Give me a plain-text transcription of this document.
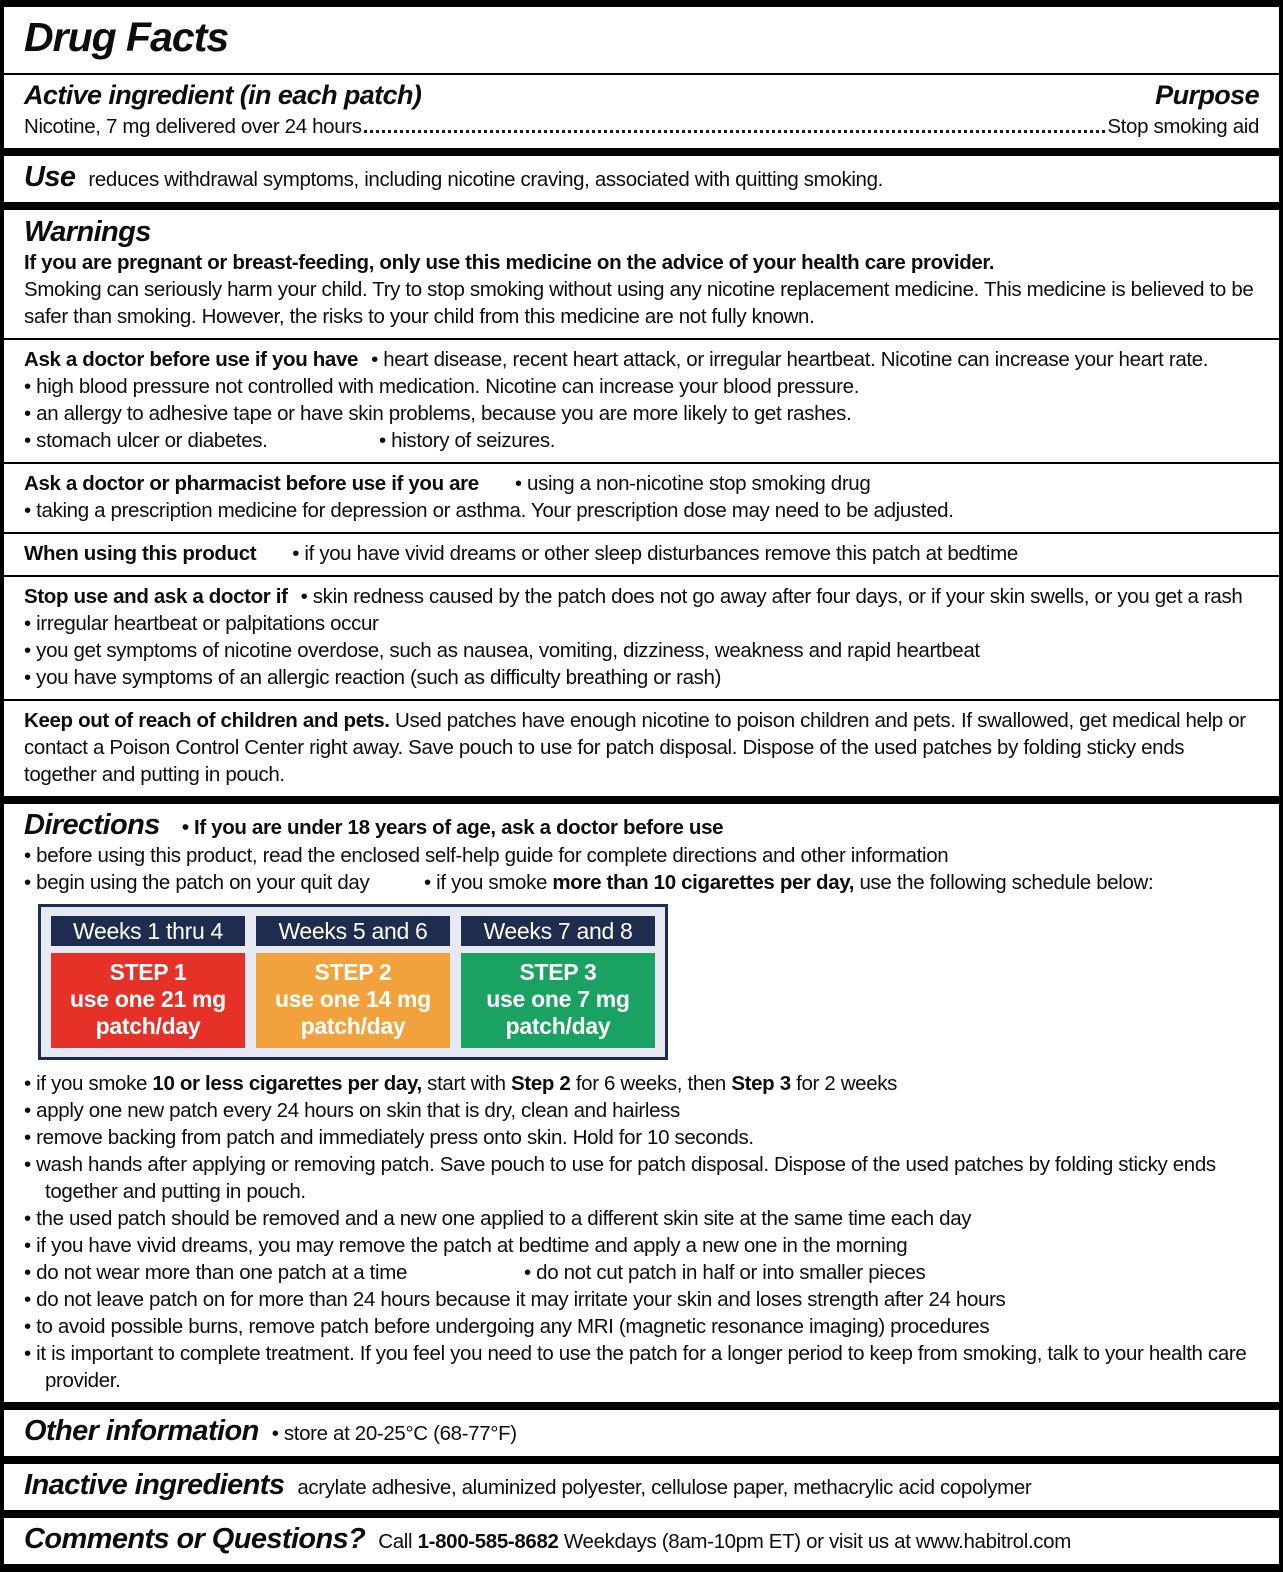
Drug Facts
Active ingredient (in each patch)	Purpose
Nicotine, 7 mg delivered over 24 hours	Stop smoking aid
Use reduces withdrawal symptoms, including nicotine craving, associated with quitting smoking.
Warnings
If you are pregnant or breast-feeding, only use this medicine on the advice of your health care provider.
Smoking can seriously harm your child. Try to stop smoking without using any nicotine replacement medicine. This medicine is believed to be safer than smoking. However, the risks to your child from this medicine are not fully known.
Ask a doctor before use if you have • heart disease, recent heart attack, or irregular heartbeat. Nicotine can increase your heart rate.
• high blood pressure not controlled with medication. Nicotine can increase your blood pressure.
• an allergy to adhesive tape or have skin problems, because you are more likely to get rashes.
• stomach ulcer or diabetes.	• history of seizures.
Ask a doctor or pharmacist before use if you are • using a non-nicotine stop smoking drug
• taking a prescription medicine for depression or asthma. Your prescription dose may need to be adjusted.
When using this product • if you have vivid dreams or other sleep disturbances remove this patch at bedtime
Stop use and ask a doctor if • skin redness caused by the patch does not go away after four days, or if your skin swells, or you get a rash
• irregular heartbeat or palpitations occur
• you get symptoms of nicotine overdose, such as nausea, vomiting, dizziness, weakness and rapid heartbeat
• you have symptoms of an allergic reaction (such as difficulty breathing or rash)
Keep out of reach of children and pets. Used patches have enough nicotine to poison children and pets. If swallowed, get medical help or contact a Poison Control Center right away. Save pouch to use for patch disposal. Dispose of the used patches by folding sticky ends together and putting in pouch.
Directions • If you are under 18 years of age, ask a doctor before use
• before using this product, read the enclosed self-help guide for complete directions and other information
• begin using the patch on your quit day	• if you smoke more than 10 cigarettes per day, use the following schedule below:
Weeks 1 thru 4	Weeks 5 and 6	Weeks 7 and 8
STEP 1
use one 21 mg
patch/day
STEP 2
use one 14 mg
patch/day
STEP 3
use one 7 mg
patch/day
• if you smoke 10 or less cigarettes per day, start with Step 2 for 6 weeks, then Step 3 for 2 weeks
• apply one new patch every 24 hours on skin that is dry, clean and hairless
• remove backing from patch and immediately press onto skin. Hold for 10 seconds.
• wash hands after applying or removing patch. Save pouch to use for patch disposal. Dispose of the used patches by folding sticky ends together and putting in pouch.
• the used patch should be removed and a new one applied to a different skin site at the same time each day
• if you have vivid dreams, you may remove the patch at bedtime and apply a new one in the morning
• do not wear more than one patch at a time	• do not cut patch in half or into smaller pieces
• do not leave patch on for more than 24 hours because it may irritate your skin and loses strength after 24 hours
• to avoid possible burns, remove patch before undergoing any MRI (magnetic resonance imaging) procedures
• it is important to complete treatment. If you feel you need to use the patch for a longer period to keep from smoking, talk to your health care provider.
Other information • store at 20-25°C (68-77°F)
Inactive ingredients acrylate adhesive, aluminized polyester, cellulose paper, methacrylic acid copolymer
Comments or Questions? Call 1-800-585-8682 Weekdays (8am-10pm ET) or visit us at www.habitrol.com
